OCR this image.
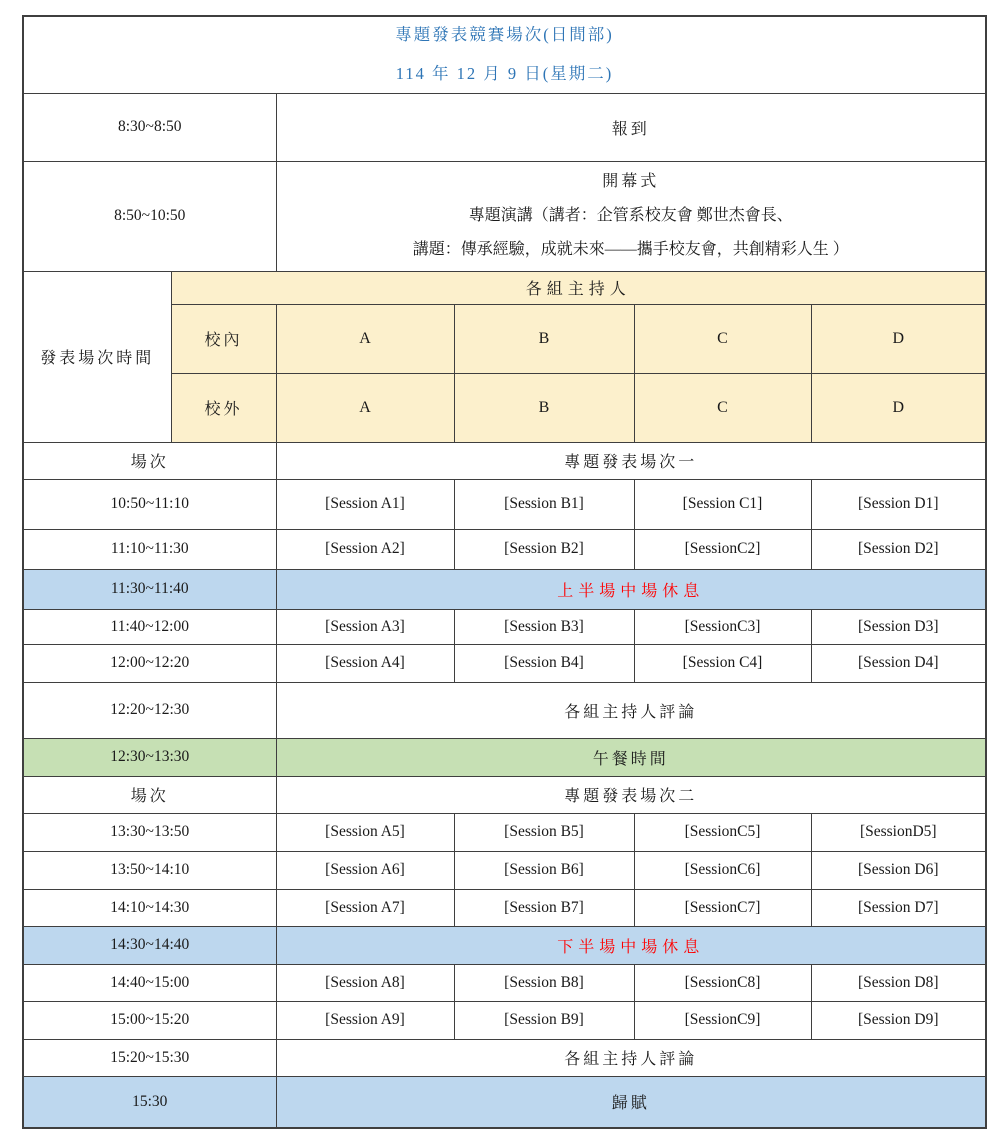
專題發表競賽場次(日間部)
114 年 12 月 9 日(星期二)					

8:30~8:50		報到			
8:50~10:50		開幕式
專題演講（講者：企管系校友會 鄭世杰會長、
講題：傳承經驗，成就未來——攜手校友會，共創精彩人生 ）			

發表場次時間	各組主持人				
	校內	A	B	C	D
	校外	A	B	C	D
場次		專題發表場次一			
10:50~11:10		[Session A1]	[Session B1]	[Session C1]	[Session D1]
11:10~11:30		[Session A2]	[Session B2]	[SessionC2]	[Session D2]
11:30~11:40		上半場中場休息			
11:40~12:00		[Session A3]	[Session B3]	[SessionC3]	[Session D3]
12:00~12:20		[Session A4]	[Session B4]	[Session C4]	[Session D4]
12:20~12:30		各組主持人評論			
12:30~13:30		午餐時間			
場次		專題發表場次二			
13:30~13:50		[Session A5]	[Session B5]	[SessionC5]	[SessionD5]
13:50~14:10		[Session A6]	[Session B6]	[SessionC6]	[Session D6]
14:10~14:30		[Session A7]	[Session B7]	[SessionC7]	[Session D7]
14:30~14:40		下半場中場休息			
14:40~15:00		[Session A8]	[Session B8]	[SessionC8]	[Session D8]
15:00~15:20		[Session A9]	[Session B9]	[SessionC9]	[Session D9]
15:20~15:30		各組主持人評論			
15:30		歸賦			
